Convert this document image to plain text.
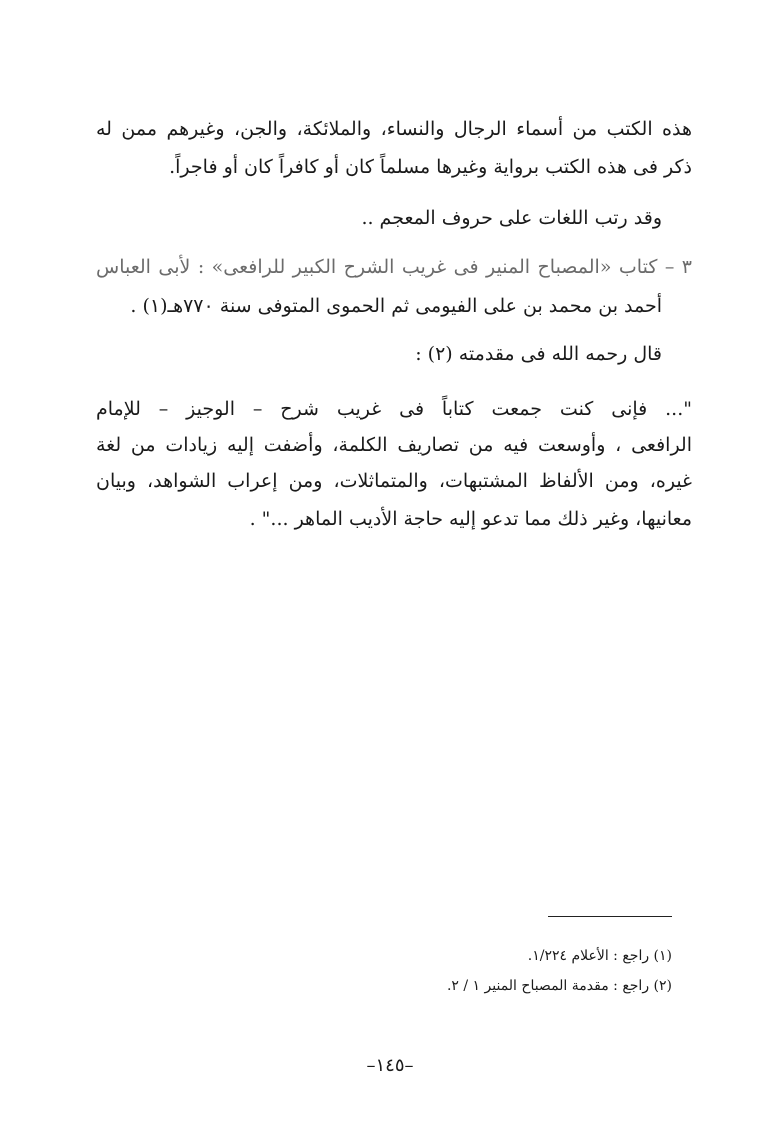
هذه الكتب من أسماء الرجال والنساء، والملائكة، والجن، وغيرهم ممن له
ذكر فى هذه الكتب برواية وغيرها مسلماً كان أو كافراً كان أو فاجراً.
وقد رتب اللغات على حروف المعجم ..
٣ – كتاب «المصباح المنير فى غريب الشرح الكبير للرافعى» : لأبى العباس
أحمد بن محمد بن على الفيومى ثم الحموى المتوفى سنة ٧٧٠هـ(١) .
قال رحمه الله فى مقدمته (٢) :
"... فإنى كنت جمعت كتاباً فى غريب شرح – الوجيز – للإمام
الرافعى ، وأوسعت فيه من تصاريف الكلمة، وأضفت إليه زيادات من لغة
غيره، ومن الألفاظ المشتبهات، والمتماثلات، ومن إعراب الشواهد، وبيان
معانيها، وغير ذلك مما تدعو إليه حاجة الأديب الماهر ..." .
(١) راجع : الأعلام ١/٢٢٤.
(٢) راجع : مقدمة المصباح المنير ١ / ٢.
–١٤٥–
